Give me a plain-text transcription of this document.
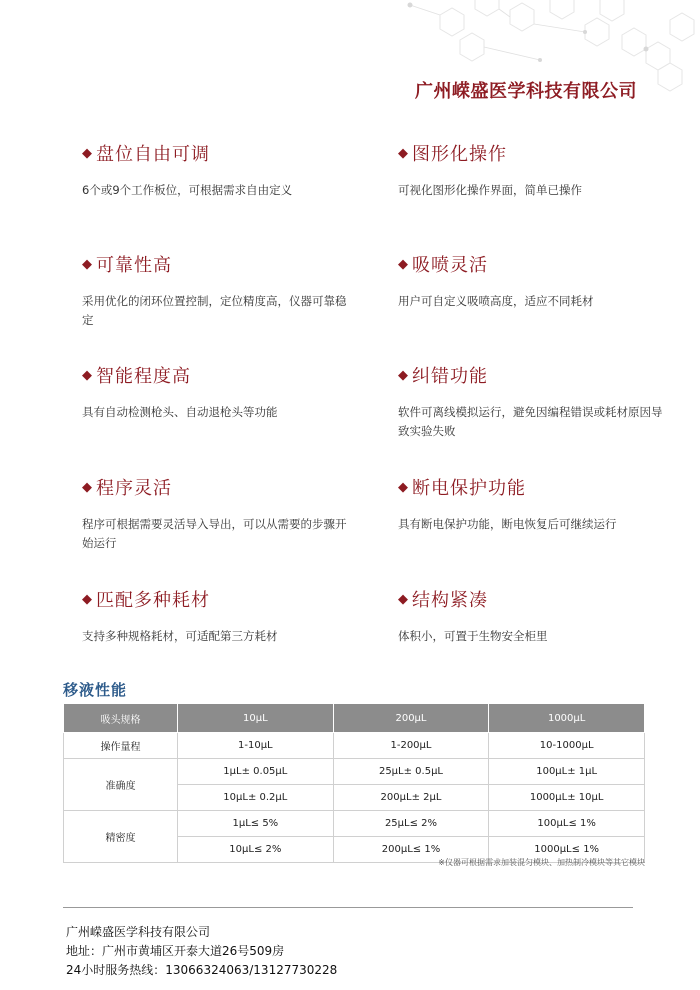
广州嵘盛医学科技有限公司
◆ 盘位自由可调
6个或9个工作板位，可根据需求自由定义
◆ 图形化操作
可视化图形化操作界面，简单已操作
◆ 可靠性高
采用优化的闭环位置控制，定位精度高，仪器可靠稳定
◆ 吸喷灵活
用户可自定义吸喷高度，适应不同耗材
◆ 智能程度高
具有自动检测枪头、自动退枪头等功能
◆ 纠错功能
软件可离线模拟运行，避免因编程错误或耗材原因导致实验失败
◆ 程序灵活
程序可根据需要灵活导入导出，可以从需要的步骤开始运行
◆ 断电保护功能
具有断电保护功能，断电恢复后可继续运行
◆ 匹配多种耗材
支持多种规格耗材，可适配第三方耗材
◆ 结构紧凑
体积小，可置于生物安全柜里
移液性能
吸头规格	10μL	200μL	1000μL
操作量程	1-10μL	1-200μL	10-1000μL
准确度	1μL± 0.05μL	25μL± 0.5μL	100μL± 1μL
	10μL± 0.2μL	200μL± 2μL	1000μL± 10μL
精密度	1μL≤ 5%	25μL≤ 2%	100μL≤ 1%
	10μL≤ 2%	200μL≤ 1%	1000μL≤ 1%
※仪器可根据需求加装混匀模块、加热制冷模块等其它模块
广州嵘盛医学科技有限公司
地址：广州市黄埔区开泰大道26号509房
24小时服务热线：13066324063/13127730228
